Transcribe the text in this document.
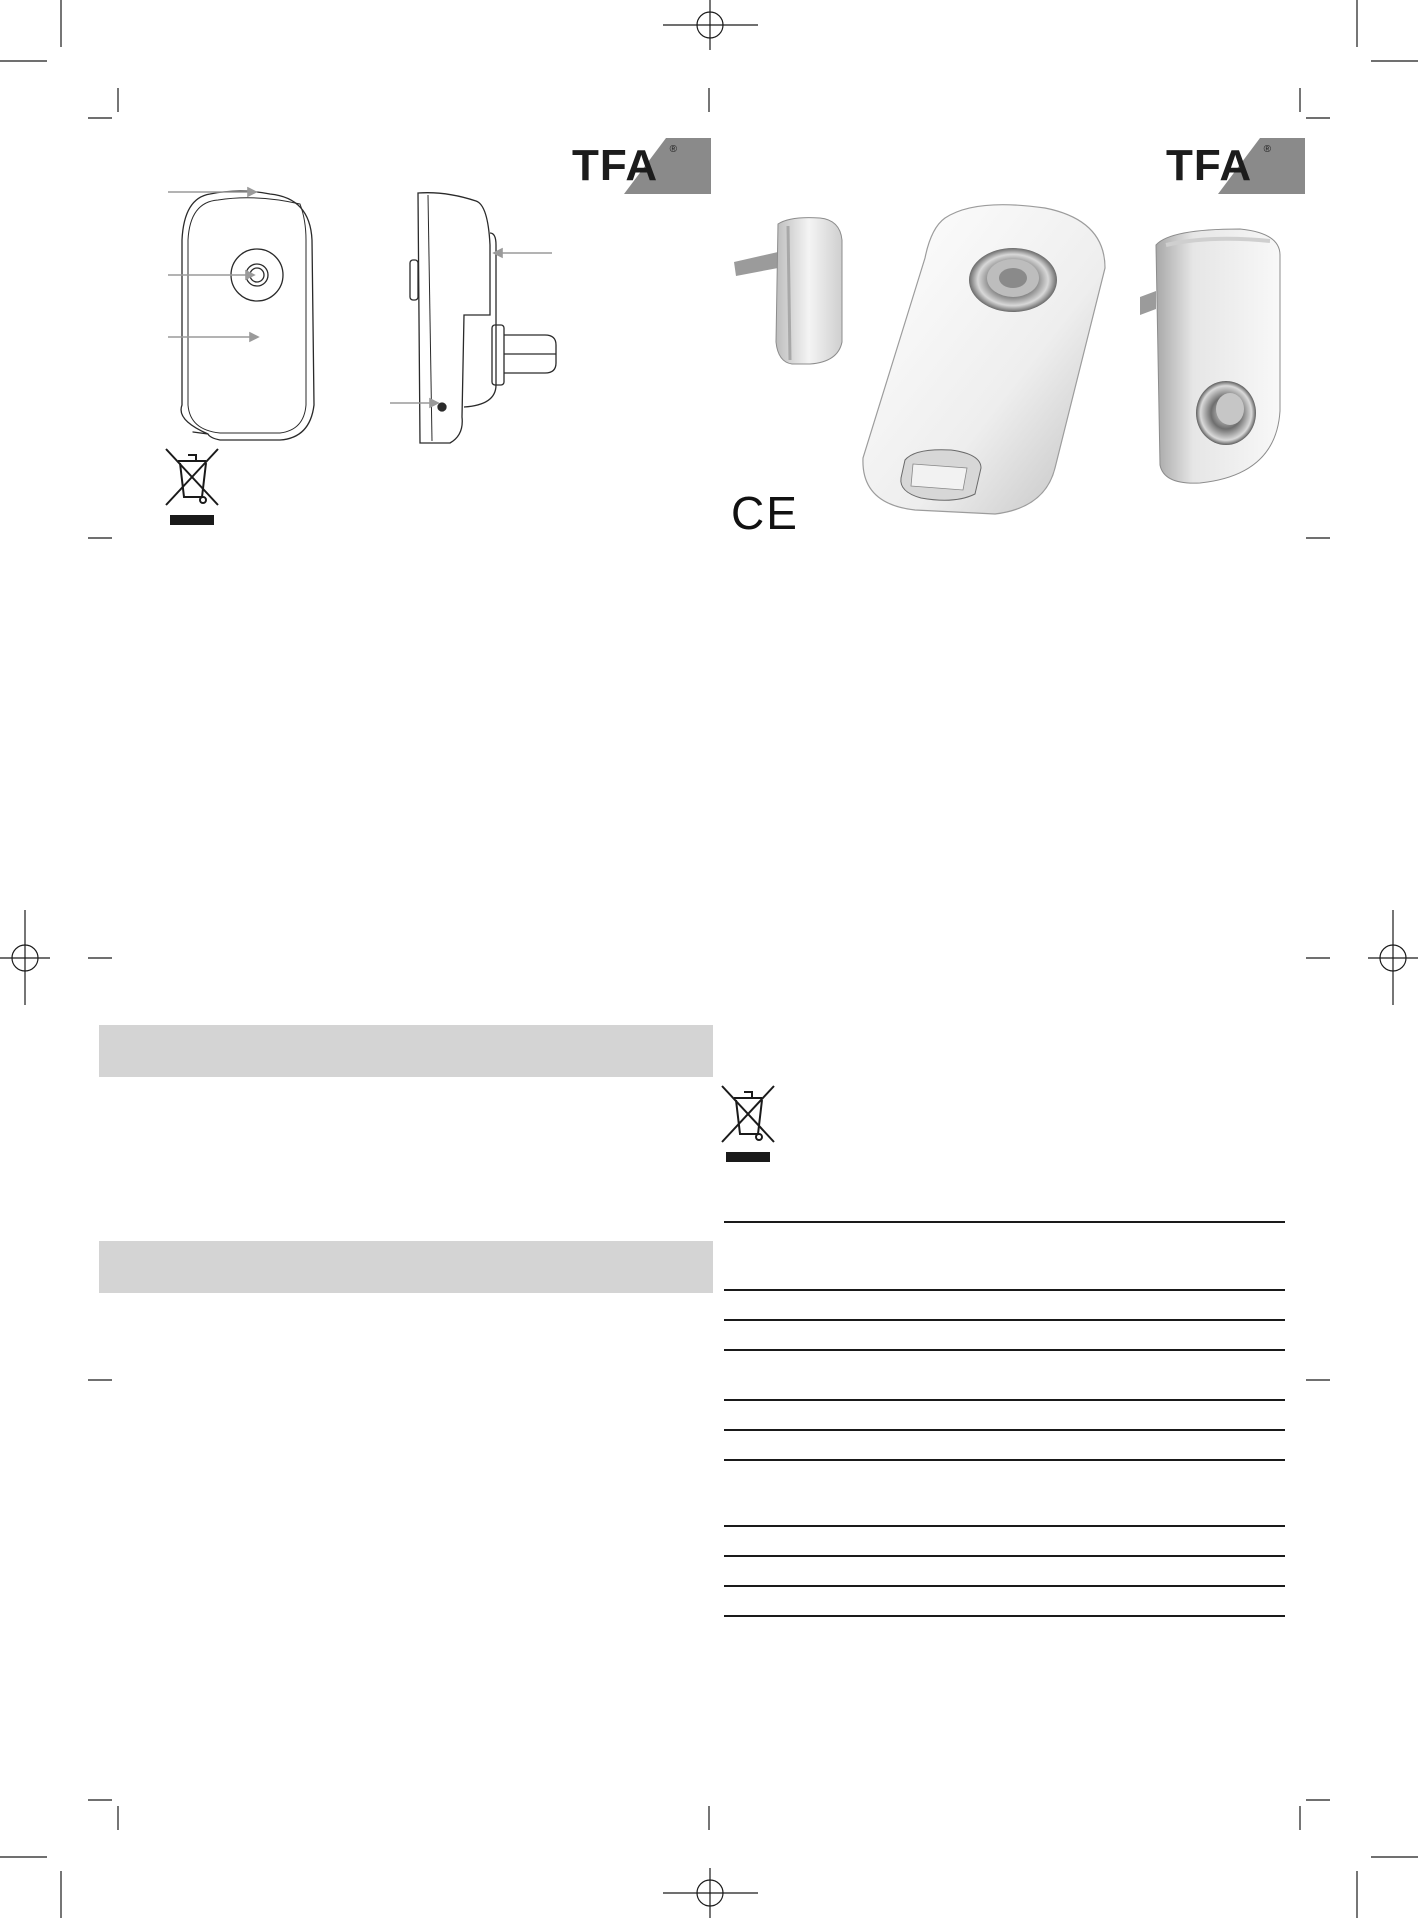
TFA ®	TFA ®
CE
